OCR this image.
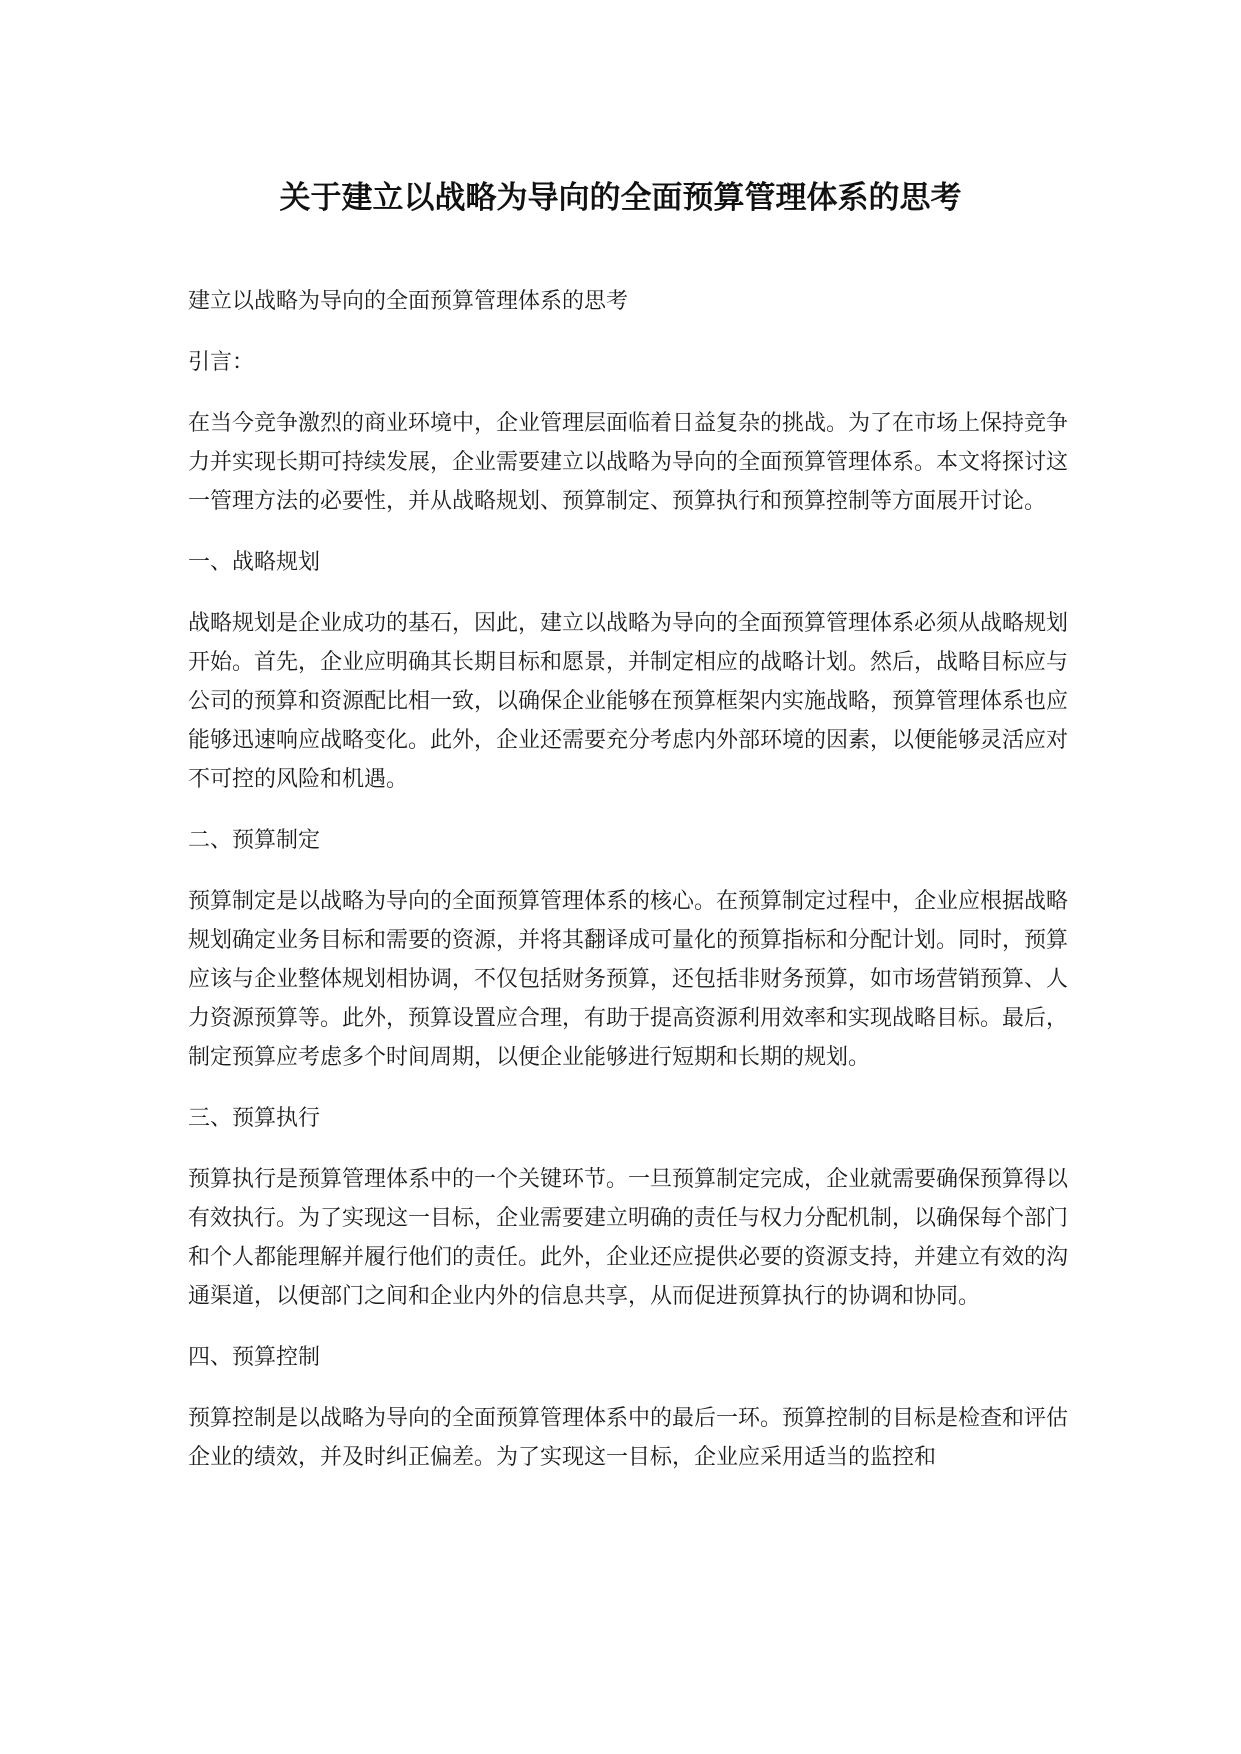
关于建立以战略为导向的全面预算管理体系的思考

建立以战略为导向的全面预算管理体系的思考

引言：

在当今竞争激烈的商业环境中，企业管理层面临着日益复杂的挑战。为了在市场上保持竞争力并实现长期可持续发展，企业需要建立以战略为导向的全面预算管理体系。本文将探讨这一管理方法的必要性，并从战略规划、预算制定、预算执行和预算控制等方面展开讨论。

一、战略规划

战略规划是企业成功的基石，因此，建立以战略为导向的全面预算管理体系必须从战略规划开始。首先，企业应明确其长期目标和愿景，并制定相应的战略计划。然后，战略目标应与公司的预算和资源配比相一致，以确保企业能够在预算框架内实施战略，预算管理体系也应能够迅速响应战略变化。此外，企业还需要充分考虑内外部环境的因素，以便能够灵活应对不可控的风险和机遇。

二、预算制定

预算制定是以战略为导向的全面预算管理体系的核心。在预算制定过程中，企业应根据战略规划确定业务目标和需要的资源，并将其翻译成可量化的预算指标和分配计划。同时，预算应该与企业整体规划相协调，不仅包括财务预算，还包括非财务预算，如市场营销预算、人力资源预算等。此外，预算设置应合理，有助于提高资源利用效率和实现战略目标。最后，制定预算应考虑多个时间周期，以便企业能够进行短期和长期的规划。

三、预算执行

预算执行是预算管理体系中的一个关键环节。一旦预算制定完成，企业就需要确保预算得以有效执行。为了实现这一目标，企业需要建立明确的责任与权力分配机制，以确保每个部门和个人都能理解并履行他们的责任。此外，企业还应提供必要的资源支持，并建立有效的沟通渠道，以便部门之间和企业内外的信息共享，从而促进预算执行的协调和协同。

四、预算控制

预算控制是以战略为导向的全面预算管理体系中的最后一环。预算控制的目标是检查和评估企业的绩效，并及时纠正偏差。为了实现这一目标，企业应采用适当的监控和
